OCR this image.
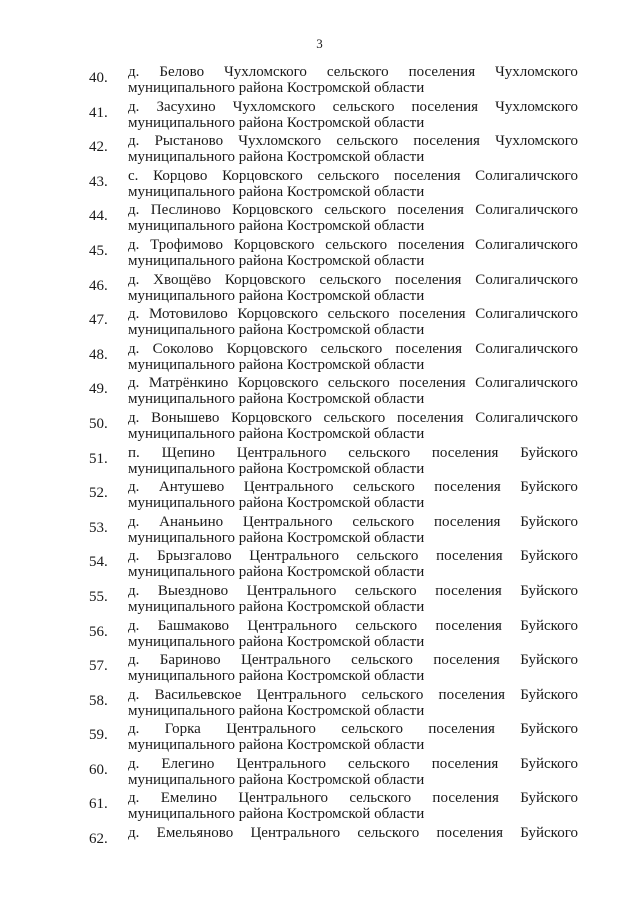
3
40. д. Белово Чухломского сельского поселения Чухломского
муниципального района Костромской области
41. д. Засухино Чухломского сельского поселения Чухломского
муниципального района Костромской области
42. д. Рыстаново Чухломского сельского поселения Чухломского
муниципального района Костромской области
43. с. Корцово Корцовского сельского поселения Солигаличского
муниципального района Костромской области
44. д. Песлиново Корцовского сельского поселения Солигаличского
муниципального района Костромской области
45. д. Трофимово Корцовского сельского поселения Солигаличского
муниципального района Костромской области
46. д. Хвощёво Корцовского сельского поселения Солигаличского
муниципального района Костромской области
47. д. Мотовилово Корцовского сельского поселения Солигаличского
муниципального района Костромской области
48. д. Соколово Корцовского сельского поселения Солигаличского
муниципального района Костромской области
49. д. Матрёнкино Корцовского сельского поселения Солигаличского
муниципального района Костромской области
50. д. Вонышево Корцовского сельского поселения Солигаличского
муниципального района Костромской области
51. п. Щепино Центрального сельского поселения Буйского
муниципального района Костромской области
52. д. Антушево Центрального сельского поселения Буйского
муниципального района Костромской области
53. д. Ананьино Центрального сельского поселения Буйского
муниципального района Костромской области
54. д. Брызгалово Центрального сельского поселения Буйского
муниципального района Костромской области
55. д. Выездново Центрального сельского поселения Буйского
муниципального района Костромской области
56. д. Башмаково Центрального сельского поселения Буйского
муниципального района Костромской области
57. д. Бариново Центрального сельского поселения Буйского
муниципального района Костромской области
58. д. Васильевское Центрального сельского поселения Буйского
муниципального района Костромской области
59. д. Горка Центрального сельского поселения Буйского
муниципального района Костромской области
60. д. Елегино Центрального сельского поселения Буйского
муниципального района Костромской области
61. д. Емелино Центрального сельского поселения Буйского
муниципального района Костромской области
62. д. Емельяново Центрального сельского поселения Буйского
